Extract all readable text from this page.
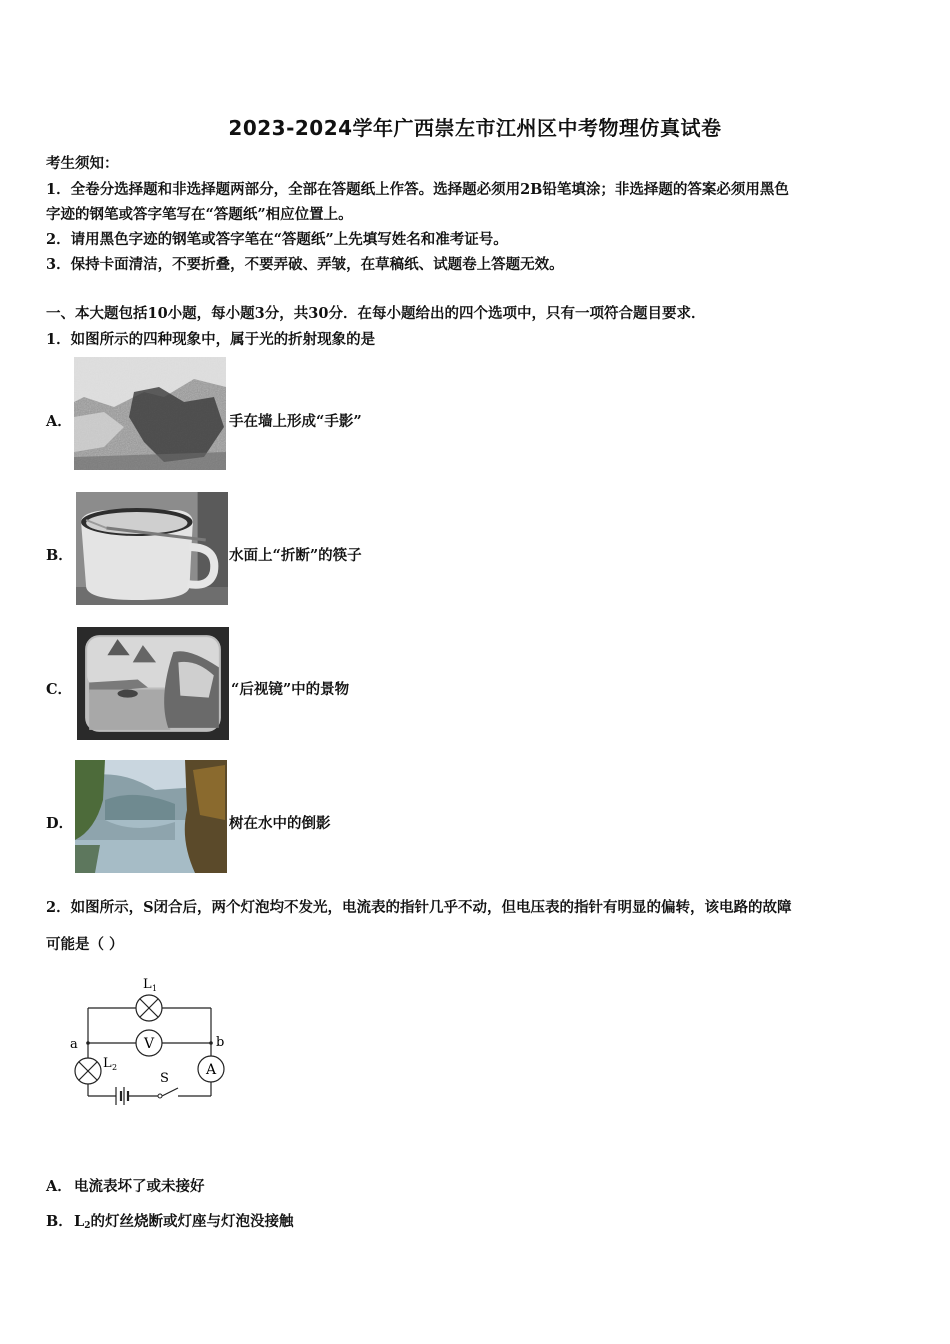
2023-2024学年广西崇左市江州区中考物理仿真试卷
考生须知：
1．全卷分选择题和非选择题两部分，全部在答题纸上作答。选择题必须用2B铅笔填涂；非选择题的答案必须用黑色
字迹的钢笔或答字笔写在“答题纸”相应位置上。
2．请用黑色字迹的钢笔或答字笔在“答题纸”上先填写姓名和准考证号。
3．保持卡面清洁，不要折叠，不要弄破、弄皱，在草稿纸、试题卷上答题无效。
一、本大题包括10小题，每小题3分，共30分．在每小题给出的四个选项中，只有一项符合题目要求．
1．如图所示的四种现象中，属于光的折射现象的是
A．	手在墙上形成“手影”
B．	水面上“折断”的筷子
C．	“后视镜”中的景物
D．	树在水中的倒影
2．如图所示，S闭合后，两个灯泡均不发光，电流表的指针几乎不动，但电压表的指针有明显的偏转，该电路的故障
可能是（ ）
L 1
V
a	b
L 2	A
S
A． 电流表坏了或未接好
B． $L_2$的灯丝烧断或灯座与灯泡没接触
